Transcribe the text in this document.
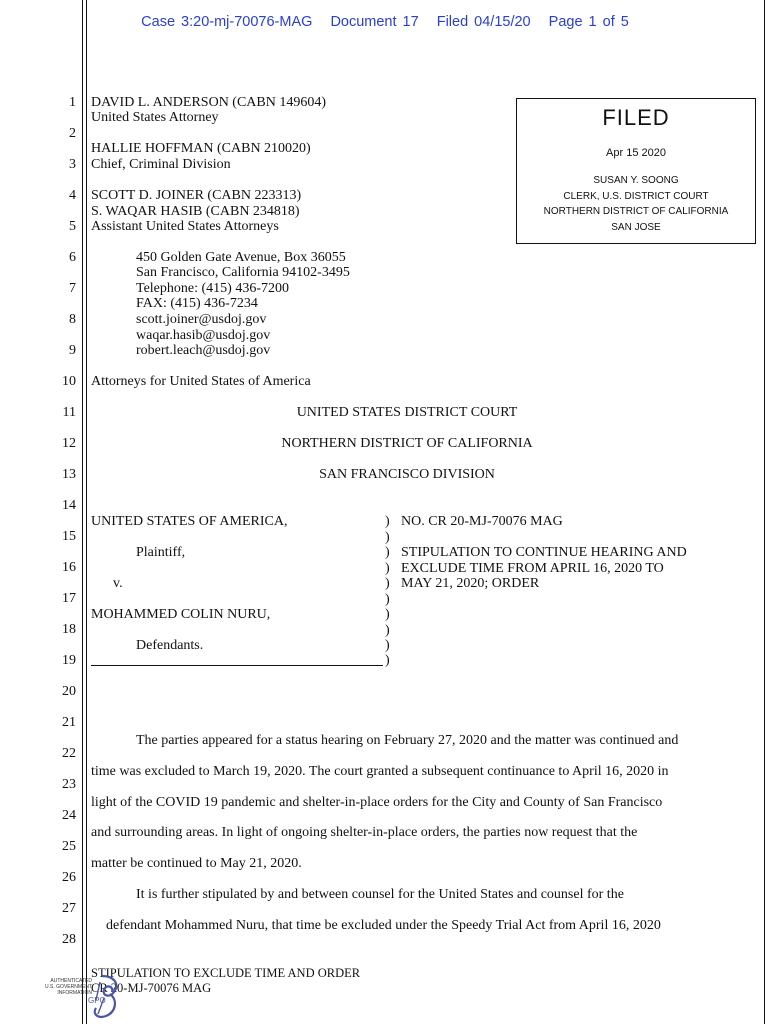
Case 3:20-mj-70076-MAG Document 17 Filed 04/15/20 Page 1 of 5
1
2
3
4
5
6
7
8
9
10
11
12
13
14
15
16
17
18
19
20
21
22
23
24
25
26
27
28
DAVID L. ANDERSON (CABN 149604)
United States Attorney
HALLIE HOFFMAN (CABN 210020)
Chief, Criminal Division
SCOTT D. JOINER (CABN 223313)
S. WAQAR HASIB (CABN 234818)
Assistant United States Attorneys
450 Golden Gate Avenue, Box 36055
San Francisco, California 94102-3495
Telephone: (415) 436-7200
FAX: (415) 436-7234
scott.joiner@usdoj.gov
waqar.hasib@usdoj.gov
robert.leach@usdoj.gov
Attorneys for United States of America
FILED
Apr 15 2020
SUSAN Y. SOONG
CLERK, U.S. DISTRICT COURT
NORTHERN DISTRICT OF CALIFORNIA
SAN JOSE
UNITED STATES DISTRICT COURT
NORTHERN DISTRICT OF CALIFORNIA
SAN FRANCISCO DIVISION
UNITED STATES OF AMERICA,
Plaintiff,
v.
MOHAMMED COLIN NURU,
Defendants.
)
)
)
)
)
)
)
)
)
)
NO. CR 20-MJ-70076 MAG
STIPULATION TO CONTINUE HEARING AND
EXCLUDE TIME FROM APRIL 16, 2020 TO
MAY 21, 2020; ORDER
The parties appeared for a status hearing on February 27, 2020 and the matter was continued and
time was excluded to March 19, 2020. The court granted a subsequent continuance to April 16, 2020 in
light of the COVID 19 pandemic and shelter-in-place orders for the City and County of San Francisco
and surrounding areas. In light of ongoing shelter-in-place orders, the parties now request that the
matter be continued to May 21, 2020.
It is further stipulated by and between counsel for the United States and counsel for the
defendant Mohammed Nuru, that time be excluded under the Speedy Trial Act from April 16, 2020
STIPULATION TO EXCLUDE TIME AND ORDER
CR 20-MJ-70076 MAG
AUTHENTICATED
U.S. GOVERNMENT
INFORMATION
GPO
